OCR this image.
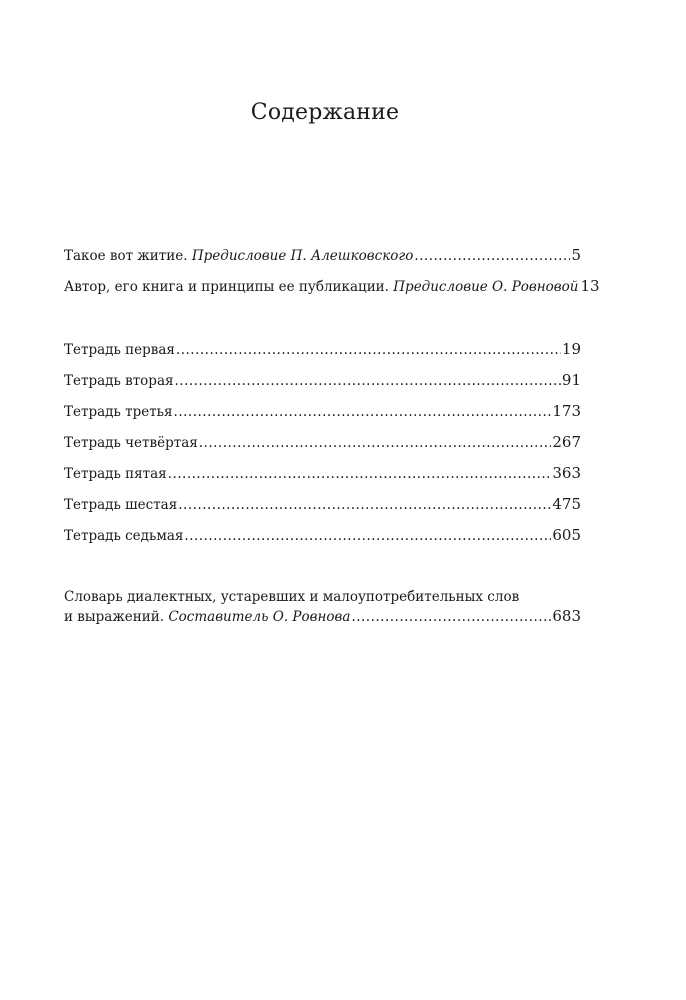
Содержание
Такое вот житие. Предисловие П. Алешковского .....	5
Автор, его книга и принципы ее публикации. Предисловие О. Ровновой 13
Тетрадь первая .....	19
Тетрадь вторая .....	91
Тетрадь третья .....	173
Тетрадь четвёртая .....	267
Тетрадь пятая .....	363
Тетрадь шестая .....	475
Тетрадь седьмая .....	605
Словарь диалектных, устаревших и малоупотребительных слов
и выражений. Составитель О. Ровнова .....	683
